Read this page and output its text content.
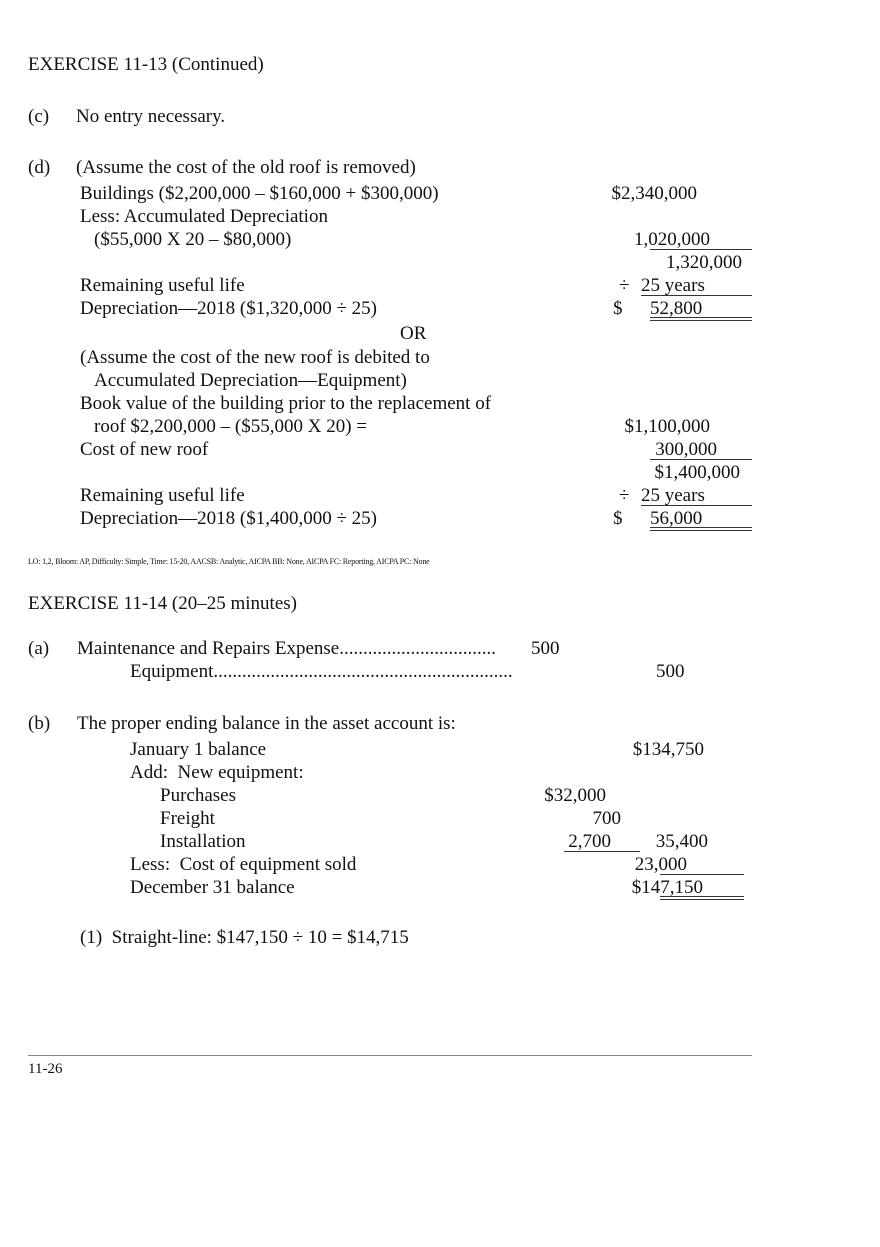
EXERCISE 11-13 (Continued)
(c) No entry necessary.
(d) (Assume the cost of the old roof is removed)
Buildings ($2,200,000 – $160,000 + $300,000)	$2,340,000
Less: Accumulated Depreciation
($55,000 X 20 – $80,000)	1,020,000
1,320,000
Remaining useful life	÷ 25 years
Depreciation—2018 ($1,320,000 ÷ 25)	$ 52,800
OR
(Assume the cost of the new roof is debited to
Accumulated Depreciation—Equipment)
Book value of the building prior to the replacement of
roof $2,200,000 – ($55,000 X 20) =	$1,100,000
Cost of new roof	300,000
$1,400,000
Remaining useful life	÷ 25 years
Depreciation—2018 ($1,400,000 ÷ 25)	$ 56,000
LO: 1,2, Bloom: AP, Difficulty: Simple, Time: 15-20, AACSB: Analytic, AICPA BB: None, AICPA FC: Reporting, AICPA PC: None
EXERCISE 11-14 (20–25 minutes)
(a) Maintenance and Repairs Expense................................. 500
Equipment...............................................................	500
(b) The proper ending balance in the asset account is:
January 1 balance	$134,750
Add:  New equipment:
Purchases	$32,000
Freight	700
Installation	2,700	35,400
Less:  Cost of equipment sold	23,000
December 31 balance	$147,150
(1)  Straight-line: $147,150 ÷ 10 = $14,715
11-26
